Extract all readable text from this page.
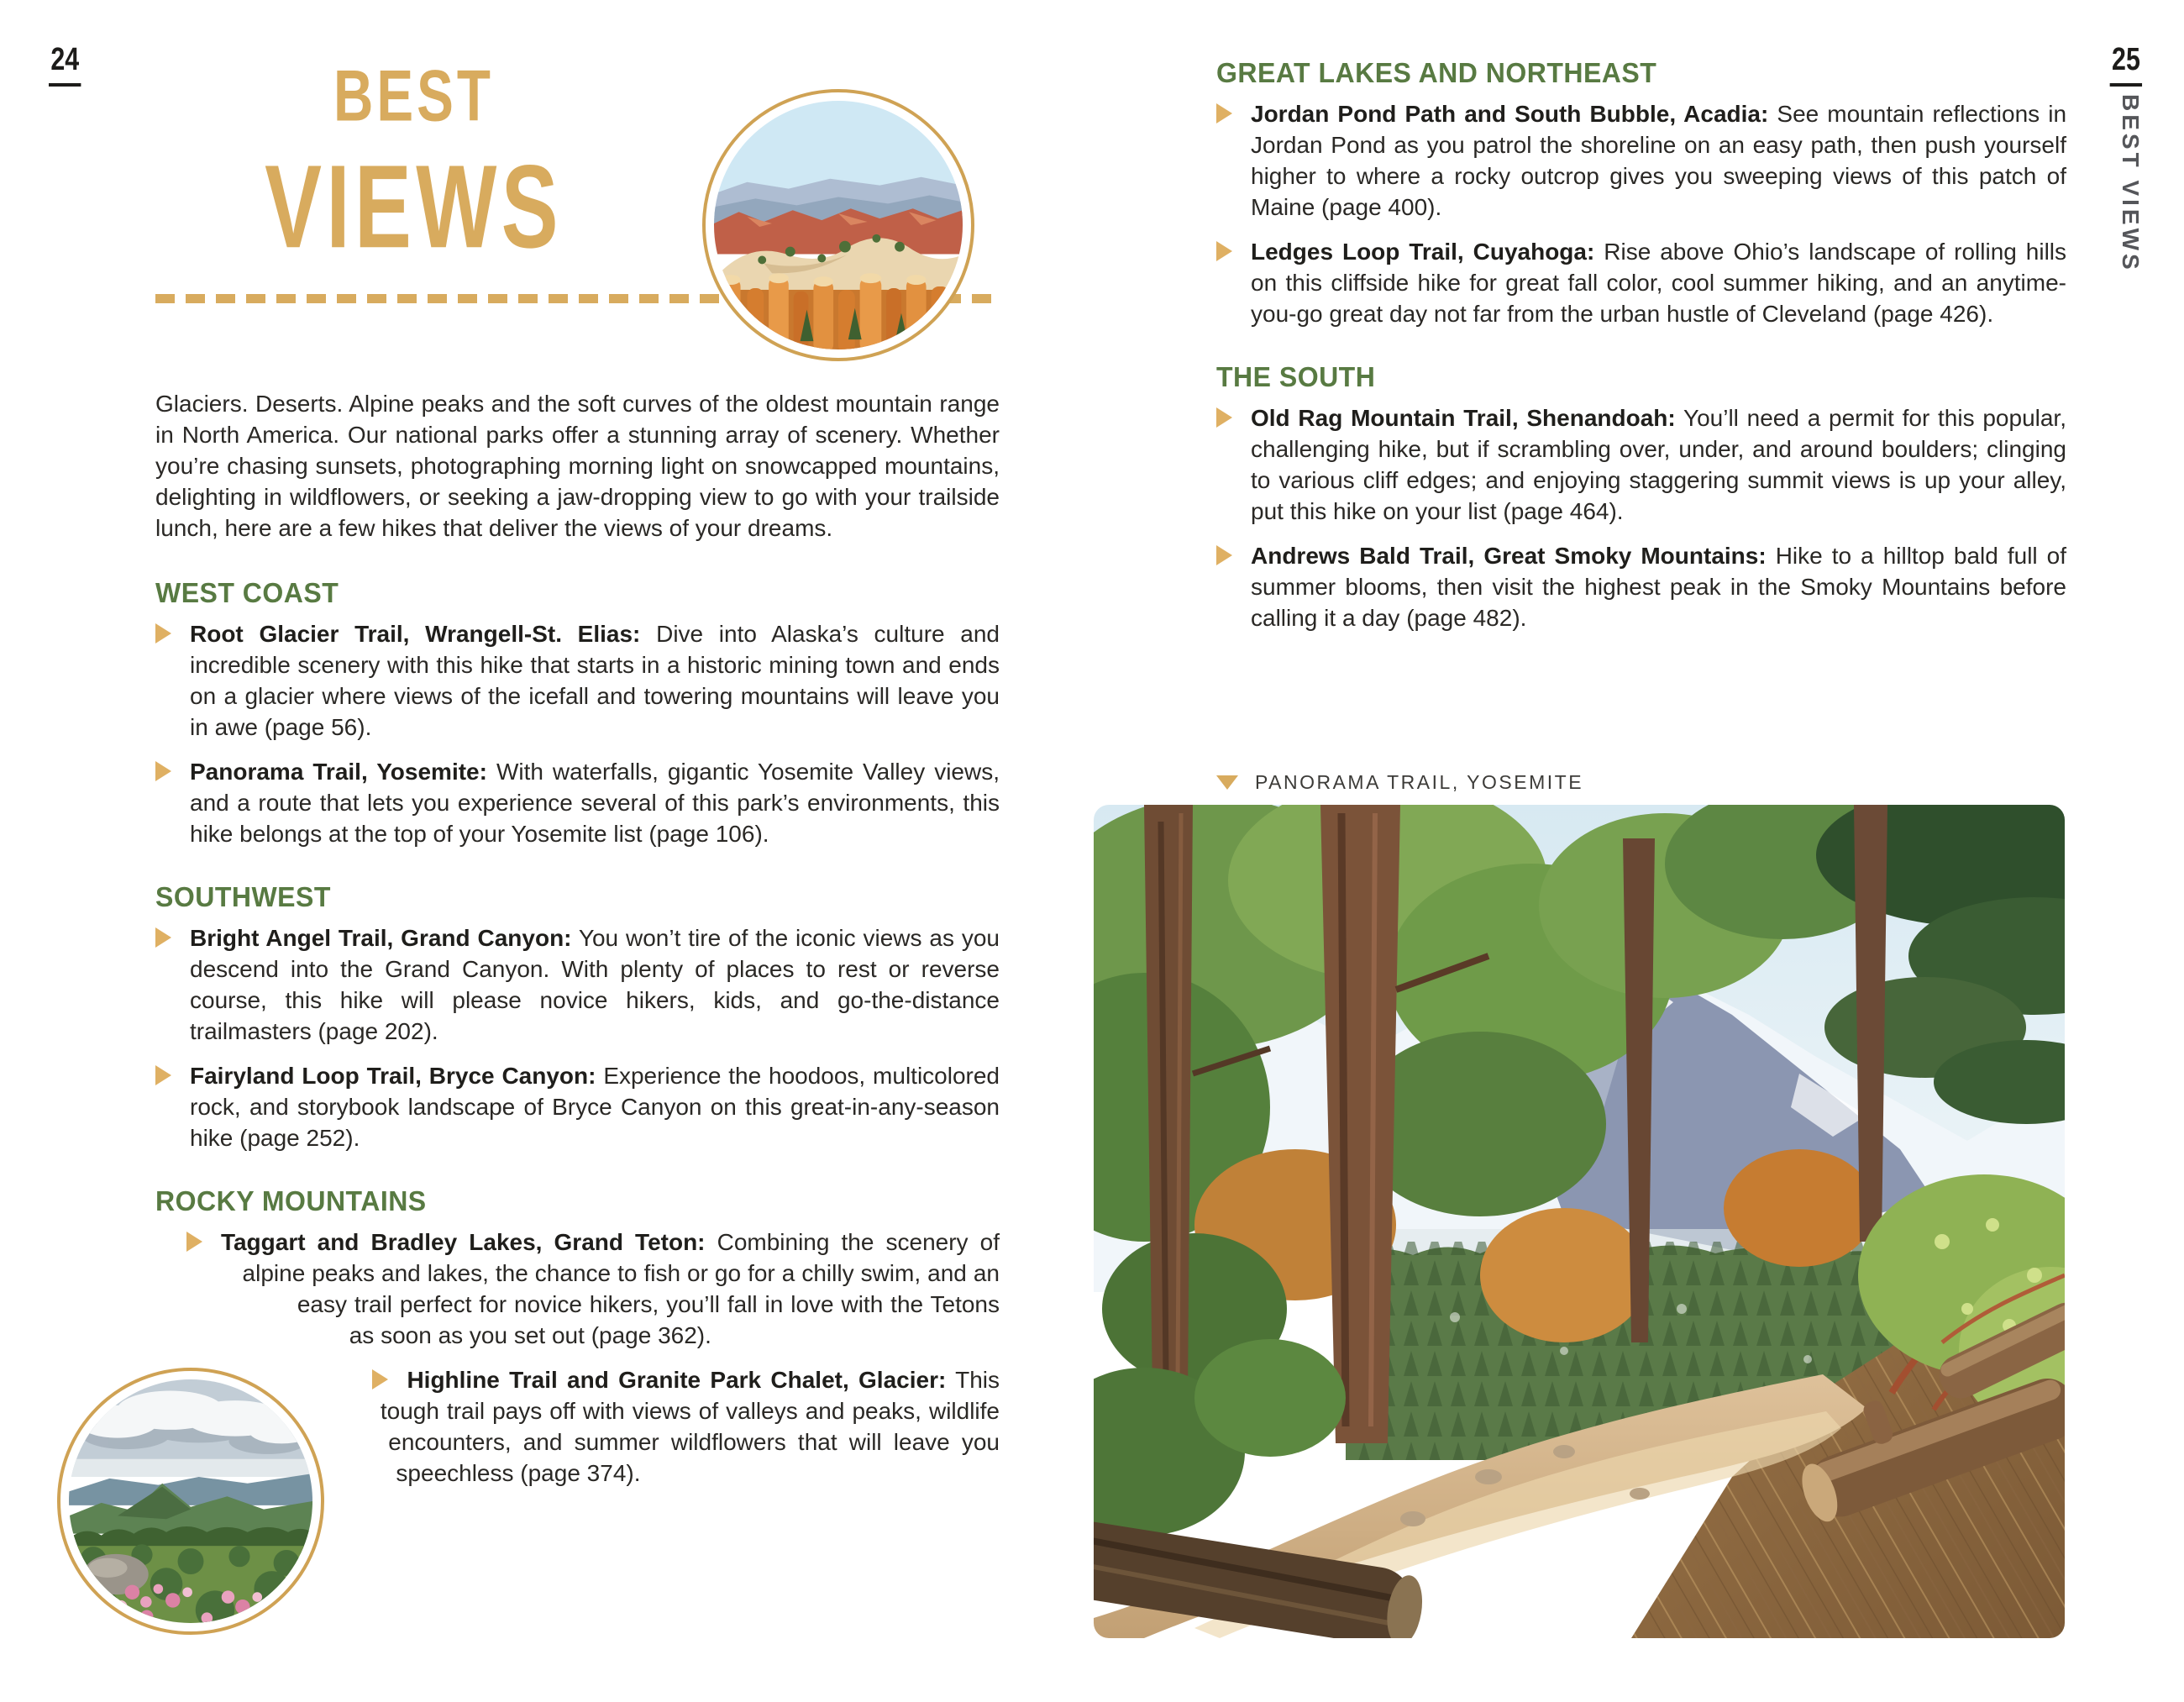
24	BEST
VIEWS

Glaciers. Deserts. Alpine peaks and the soft curves of the oldest mountain range in North America. Our national parks offer a stunning array of scenery. Whether you’re chasing sunsets, photographing morning light on snowcapped mountains, delighting in wildflowers, or seeking a jaw-dropping view to go with your trailside lunch, here are a few hikes that deliver the views of your dreams.

WEST COAST

Root Glacier Trail, Wrangell-St. Elias: Dive into Alaska’s culture and incredible scenery with this hike that starts in a historic mining town and ends on a glacier where views of the icefall and towering mountains will leave you in awe (page 56).

Panorama Trail, Yosemite: With waterfalls, gigantic Yosemite Valley views, and a route that lets you experience several of this park’s environments, this hike belongs at the top of your Yosemite list (page 106).

SOUTHWEST

Bright Angel Trail, Grand Canyon: You won’t tire of the iconic views as you descend into the Grand Canyon. With plenty of places to rest or reverse course, this hike will please novice hikers, kids, and go-the-distance trailmasters (page 202).

Fairyland Loop Trail, Bryce Canyon: Experience the hoodoos, multicolored rock, and storybook landscape of Bryce Canyon on this great-in-any-season hike (page 252).

ROCKY MOUNTAINS

Taggart and Bradley Lakes, Grand Teton: Combining the scenery of alpine peaks and lakes, the chance to fish or go for a chilly swim, and an easy trail perfect for novice hikers, you’ll fall in love with the Tetons as soon as you set out (page 362).

Highline Trail and Granite Park Chalet, Glacier: This tough trail pays off with views of valleys and peaks, wildlife encounters, and summer wildflowers that will leave you speechless (page 374).

25
BEST VIEWS
GREAT LAKES AND NORTHEAST

Jordan Pond Path and South Bubble, Acadia: See mountain reflections in Jordan Pond as you patrol the shoreline on an easy path, then push yourself higher to where a rocky outcrop gives you sweeping views of this patch of Maine (page 400).

Ledges Loop Trail, Cuyahoga: Rise above Ohio’s landscape of rolling hills on this cliffside hike for great fall color, cool summer hiking, and an anytime-you-go great day not far from the urban hustle of Cleveland (page 426).

THE SOUTH

Old Rag Mountain Trail, Shenandoah: You’ll need a permit for this popular, challenging hike, but if scrambling over, under, and around boulders; clinging to various cliff edges; and enjoying staggering summit views is up your alley, put this hike on your list (page 464).

Andrews Bald Trail, Great Smoky Mountains: Hike to a hilltop bald full of summer blooms, then visit the highest peak in the Smoky Mountains before calling it a day (page 482).

PANORAMA TRAIL, YOSEMITE
